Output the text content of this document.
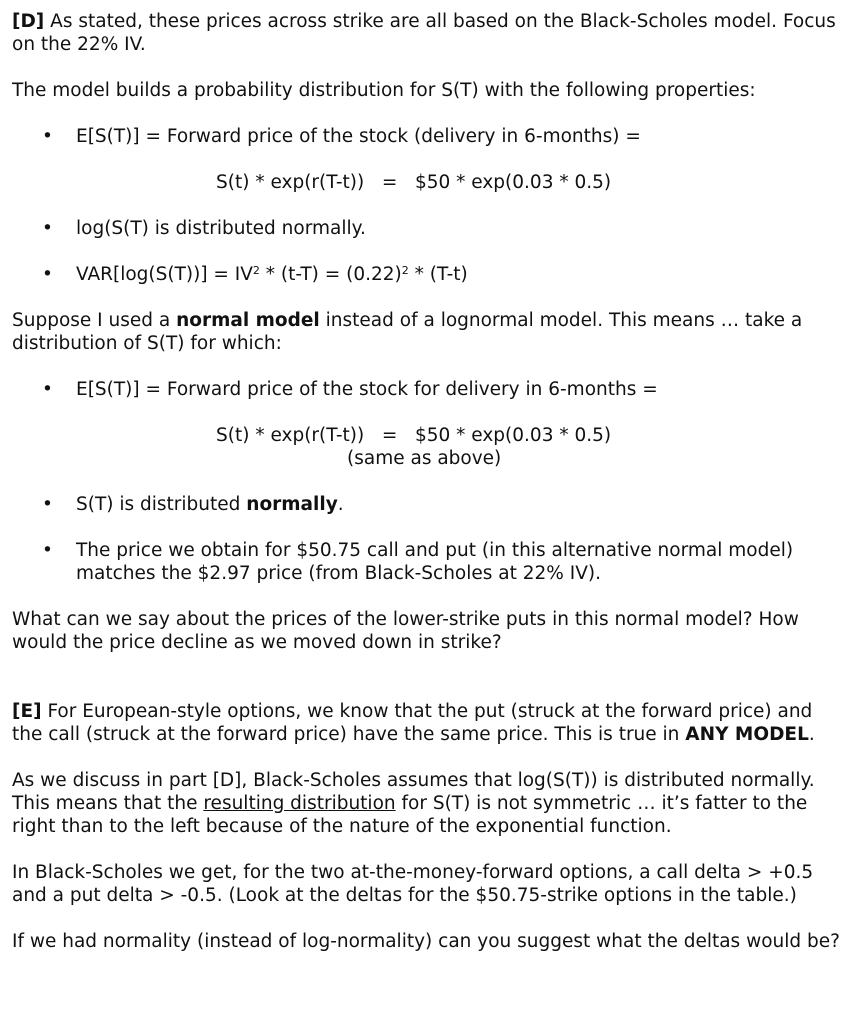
[D] As stated, these prices across strike are all based on the Black-Scholes model. Focus on the 22% IV.

The model builds a probability distribution for S(T) with the following properties:

• E[S(T)] = Forward price of the stock (delivery in 6-months) =

S(t) * exp(r(T-t))   =   $50 * exp(0.03 * 0.5)

• log(S(T) is distributed normally.

• $VAR[\log(S(T))] = IV^2 * (t-T) = (0.22)^2 * (T-t)$

Suppose I used a normal model instead of a lognormal model. This means … take a distribution of S(T) for which:

• E[S(T)] = Forward price of the stock for delivery in 6-months =

S(t) * exp(r(T-t))   =   $50 * exp(0.03 * 0.5)

(same as above)

• S(T) is distributed normally.

• The price we obtain for $50.75 call and put (in this alternative normal model) matches the $2.97 price (from Black-Scholes at 22% IV).

What can we say about the prices of the lower-strike puts in this normal model? How would the price decline as we moved down in strike?

[E] For European-style options, we know that the put (struck at the forward price) and the call (struck at the forward price) have the same price. This is true in ANY MODEL.

As we discuss in part [D], Black-Scholes assumes that log(S(T)) is distributed normally. This means that the resulting distribution for S(T) is not symmetric … it’s fatter to the right than to the left because of the nature of the exponential function.

In Black-Scholes we get, for the two at-the-money-forward options, a call delta > +0.5 and a put delta > -0.5. (Look at the deltas for the $50.75-strike options in the table.)

If we had normality (instead of log-normality) can you suggest what the deltas would be?
